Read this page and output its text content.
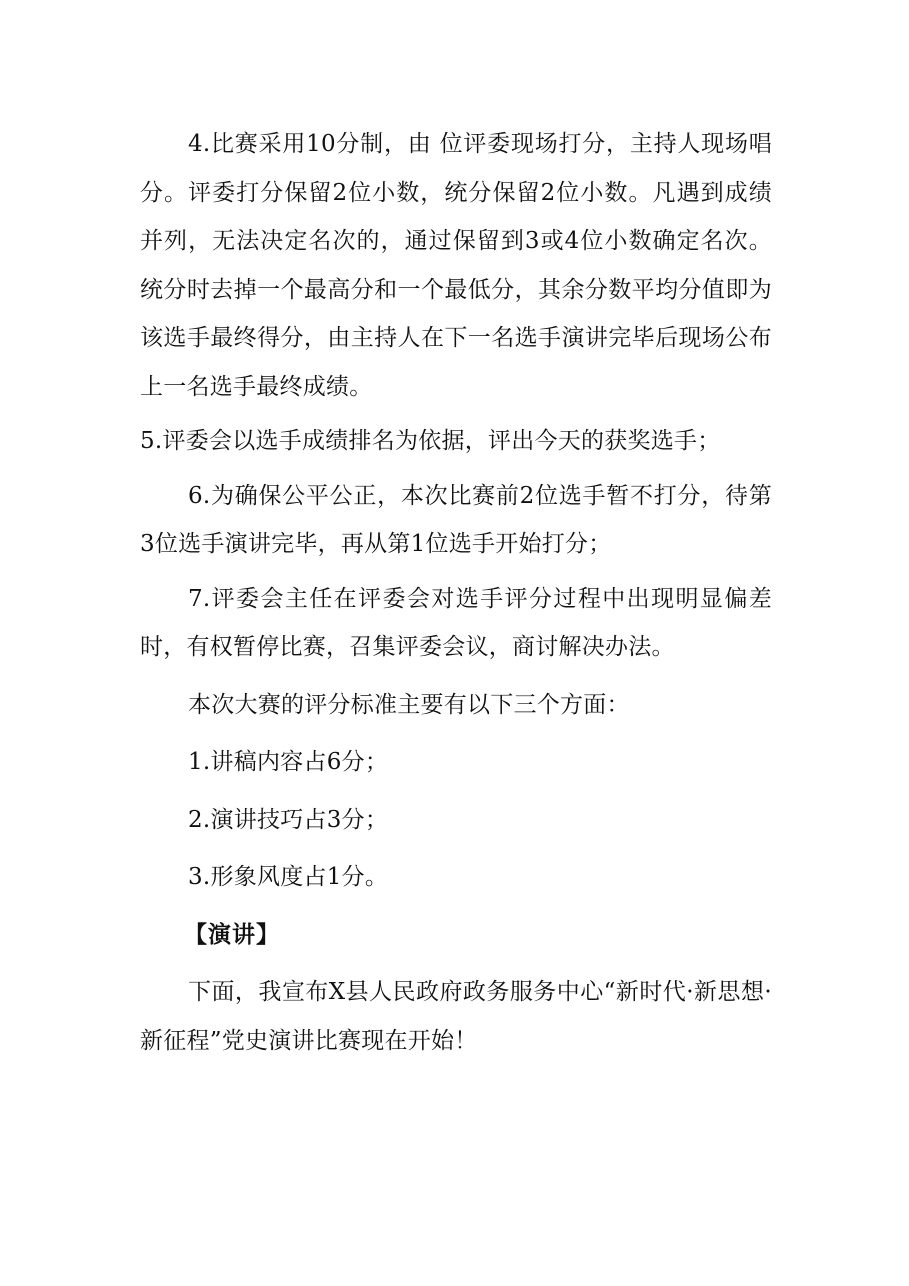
4.比赛采用10分制，由 位评委现场打分，主持人现场唱分。评委打分保留2位小数，统分保留2位小数。凡遇到成绩并列，无法决定名次的，通过保留到3或4位小数确定名次。统分时去掉一个最高分和一个最低分，其余分数平均分值即为该选手最终得分，由主持人在下一名选手演讲完毕后现场公布上一名选手最终成绩。

5.评委会以选手成绩排名为依据，评出今天的获奖选手；

6.为确保公平公正，本次比赛前2位选手暂不打分，待第3位选手演讲完毕，再从第1位选手开始打分；

7.评委会主任在评委会对选手评分过程中出现明显偏差时，有权暂停比赛，召集评委会议，商讨解决办法。

本次大赛的评分标准主要有以下三个方面：

1.讲稿内容占6分；

2.演讲技巧占3分；

3.形象风度占1分。

【演讲】

下面，我宣布X县人民政府政务服务中心“新时代·新思想·新征程”党史演讲比赛现在开始！
